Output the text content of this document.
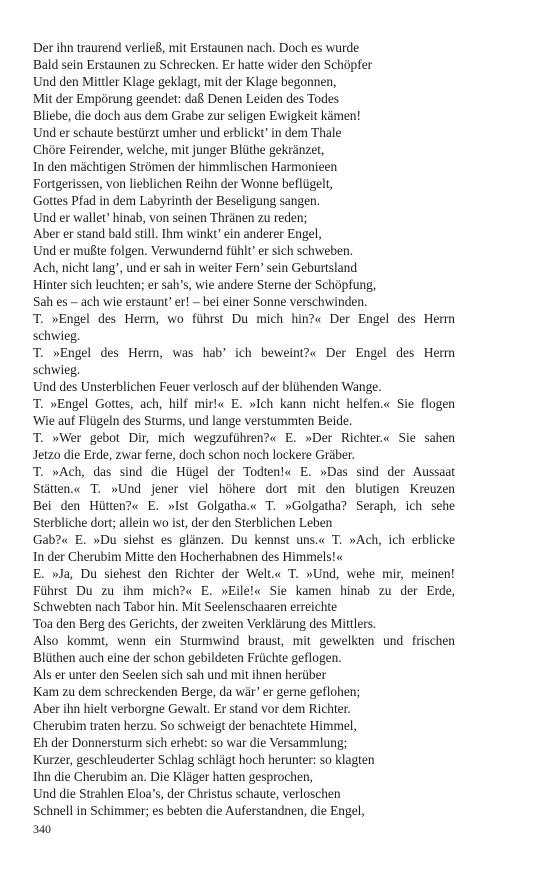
Der ihn traurend verließ, mit Erstaunen nach. Doch es wurde
Bald sein Erstaunen zu Schrecken. Er hatte wider den Schöpfer
Und den Mittler Klage geklagt, mit der Klage begonnen,
Mit der Empörung geendet: daß Denen Leiden des Todes
Bliebe, die doch aus dem Grabe zur seligen Ewigkeit kämen!
Und er schaute bestürzt umher und erblickt’ in dem Thale
Chöre Feirender, welche, mit junger Blüthe gekränzet,
In den mächtigen Strömen der himmlischen Harmonieen
Fortgerissen, von lieblichen Reihn der Wonne beflügelt,
Gottes Pfad in dem Labyrinth der Beseligung sangen.
Und er wallet’ hinab, von seinen Thränen zu reden;
Aber er stand bald still. Ihm winkt’ ein anderer Engel,
Und er mußte folgen. Verwundernd fühlt’ er sich schweben.
Ach, nicht lang’, und er sah in weiter Fern’ sein Geburtsland
Hinter sich leuchten; er sah’s, wie andere Sterne der Schöpfung,
Sah es – ach wie erstaunt’ er! – bei einer Sonne verschwinden.
T. »Engel des Herrn, wo führst Du mich hin?« Der Engel des Herrn
schwieg.
T. »Engel des Herrn, was hab’ ich beweint?« Der Engel des Herrn
schwieg.
Und des Unsterblichen Feuer verlosch auf der blühenden Wange.
T. »Engel Gottes, ach, hilf mir!« E. »Ich kann nicht helfen.« Sie flogen
Wie auf Flügeln des Sturms, und lange verstummten Beide.
T. »Wer gebot Dir, mich wegzuführen?« E. »Der Richter.« Sie sahen
Jetzo die Erde, zwar ferne, doch schon noch lockere Gräber.
T. »Ach, das sind die Hügel der Todten!« E. »Das sind der Aussaat
Stätten.« T. »Und jener viel höhere dort mit den blutigen Kreuzen
Bei den Hütten?« E. »Ist Golgatha.« T. »Golgatha? Seraph, ich sehe
Sterbliche dort; allein wo ist, der den Sterblichen Leben
Gab?« E. »Du siehst es glänzen. Du kennst uns.« T. »Ach, ich erblicke
In der Cherubim Mitte den Hocherhabnen des Himmels!«
E. »Ja, Du siehest den Richter der Welt.« T. »Und, wehe mir, meinen!
Führst Du zu ihm mich?« E. »Eile!« Sie kamen hinab zu der Erde,
Schwebten nach Tabor hin. Mit Seelenschaaren erreichte
Toa den Berg des Gerichts, der zweiten Verklärung des Mittlers.
Also kommt, wenn ein Sturmwind braust, mit gewelkten und frischen
Blüthen auch eine der schon gebildeten Früchte geflogen.
Als er unter den Seelen sich sah und mit ihnen herüber
Kam zu dem schreckenden Berge, da wär’ er gerne geflohen;
Aber ihn hielt verborgne Gewalt. Er stand vor dem Richter.
Cherubim traten herzu. So schweigt der benachtete Himmel,
Eh der Donnersturm sich erhebt: so war die Versammlung;
Kurzer, geschleuderter Schlag schlägt hoch herunter: so klagten
Ihn die Cherubim an. Die Kläger hatten gesprochen,
Und die Strahlen Eloa’s, der Christus schaute, verloschen
Schnell in Schimmer; es bebten die Auferstandnen, die Engel,
340
